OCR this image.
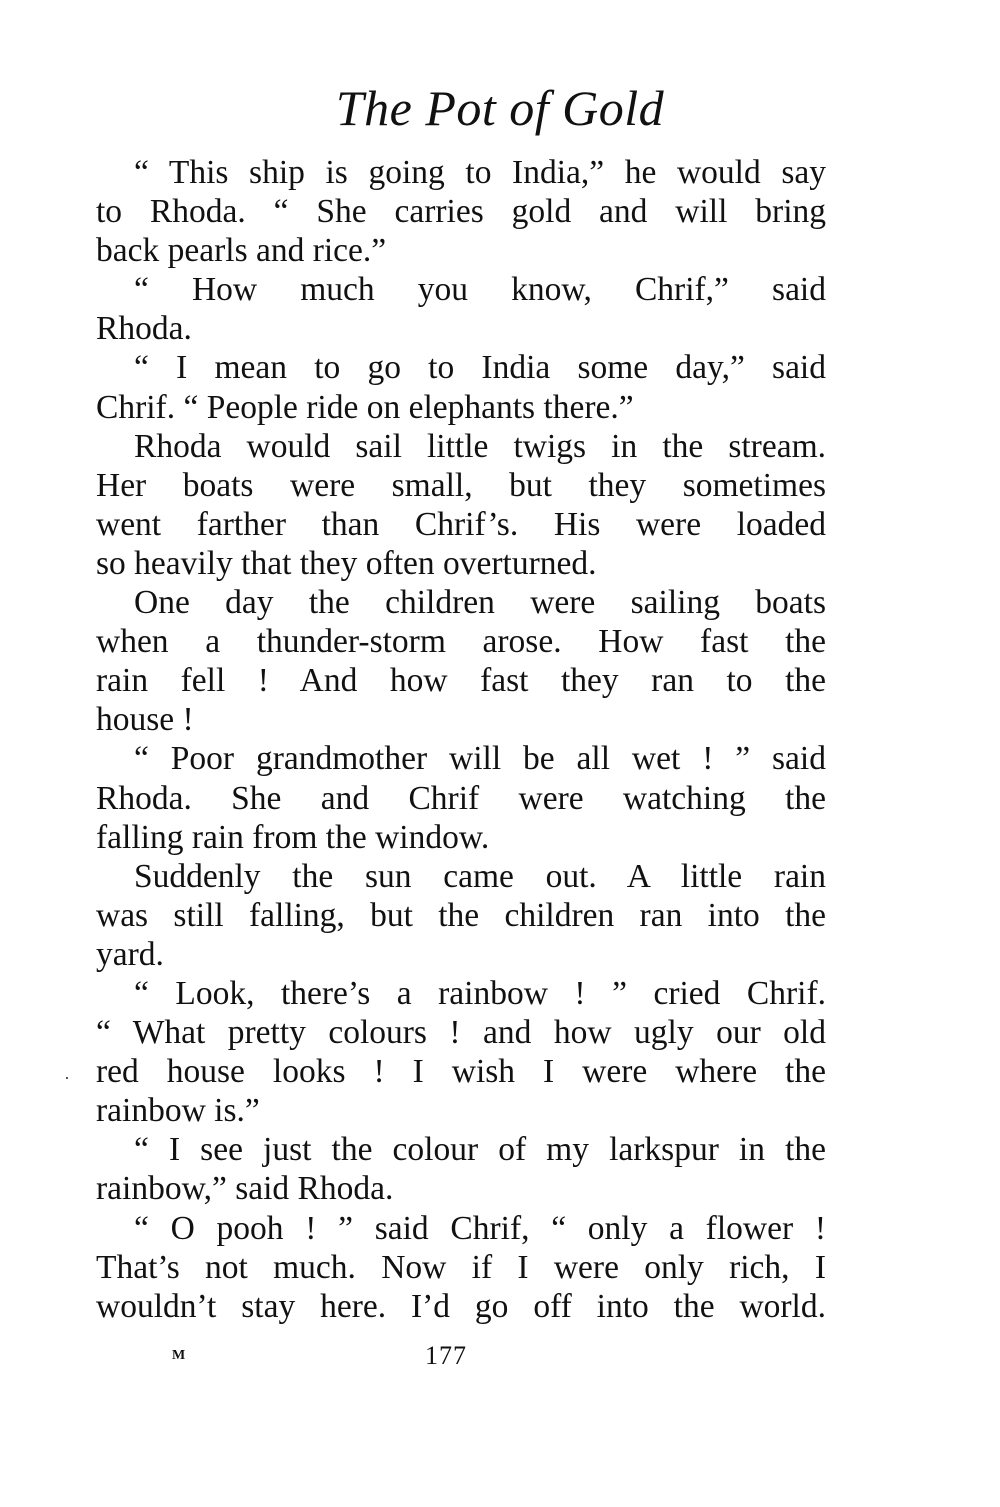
The Pot of Gold
“ This ship is going to India,” he would say
to Rhoda. “ She carries gold and will bring
back pearls and rice.”
“ How much you know, Chrif,” said
Rhoda.
“ I mean to go to India some day,” said
Chrif. “ People ride on elephants there.”
Rhoda would sail little twigs in the stream.
Her boats were small, but they sometimes
went farther than Chrif’s. His were loaded
so heavily that they often overturned.
One day the children were sailing boats
when a thunder-storm arose. How fast the
rain fell ! And how fast they ran to the
house !
“ Poor grandmother will be all wet ! ” said
Rhoda. She and Chrif were watching the
falling rain from the window.
Suddenly the sun came out. A little rain
was still falling, but the children ran into the
yard.
“ Look, there’s a rainbow ! ” cried Chrif.
“ What pretty colours ! and how ugly our old
red house looks ! I wish I were where the
rainbow is.”
“ I see just the colour of my larkspur in the
rainbow,” said Rhoda.
“ O pooh ! ” said Chrif, “ only a flower !
That’s not much. Now if I were only rich, I
wouldn’t stay here. I’d go off into the world.
M	177
